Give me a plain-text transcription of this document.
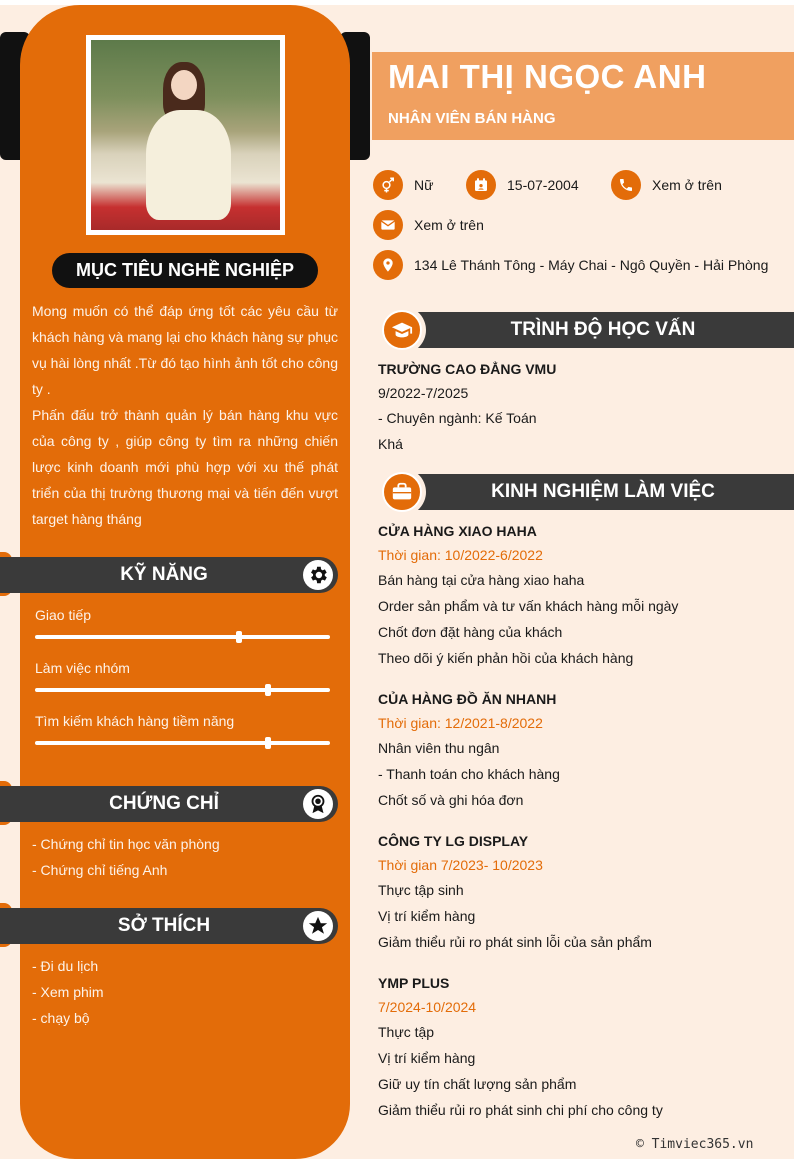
MỤC TIÊU NGHỀ NGHIỆP

Mong muốn có thể đáp ứng tốt các yêu cầu từ khách hàng và mang lại cho khách hàng sự phục vụ hài lòng nhất .Từ đó tạo hình ảnh tốt cho công ty .

Phấn đấu trở thành quản lý bán hàng khu vực của công ty , giúp công ty tìm ra những chiến lược kinh doanh mới phù hợp với xu thế phát triển của thị trường thương mại và tiến đến vượt target hàng tháng

KỸ NĂNG
Giao tiếp
Làm việc nhóm
Tìm kiếm khách hàng tiềm năng
CHỨNG CHỈ
- Chứng chỉ tin học văn phòng
- Chứng chỉ tiếng Anh
SỞ THÍCH
- Đi du lịch
- Xem phim
- chạy bộ
MAI THỊ NGỌC ANH
NHÂN VIÊN BÁN HÀNG
Nữ	15-07-2004	Xem ở trên
Xem ở trên
134 Lê Thánh Tông - Máy Chai - Ngô Quyền - Hải Phòng
TRÌNH ĐỘ HỌC VẤN
TRƯỜNG CAO ĐẲNG VMU
9/2022-7/2025
- Chuyên ngành: Kế Toán
Khá
KINH NGHIỆM LÀM VIỆC
CỬA HÀNG XIAO HAHA
Thời gian: 10/2022-6/2022
Bán hàng tại cửa hàng xiao haha
Order sản phẩm và tư vấn khách hàng mỗi ngày
Chốt đơn đặt hàng của khách
Theo dõi ý kiến phản hồi của khách hàng
CỦA HÀNG ĐỒ ĂN NHANH
Thời gian: 12/2021-8/2022
Nhân viên thu ngân
- Thanh toán cho khách hàng
Chốt số và ghi hóa đơn
CÔNG TY LG DISPLAY
Thời gian 7/2023- 10/2023
Thực tập sinh
Vị trí kiểm hàng
Giảm thiểu rủi ro phát sinh lỗi của sản phẩm
YMP PLUS
7/2024-10/2024
Thực tập
Vị trí kiểm hàng
Giữ uy tín chất lượng sản phẩm
Giảm thiểu rủi ro phát sinh chi phí cho công ty
© Timviec365.vn
